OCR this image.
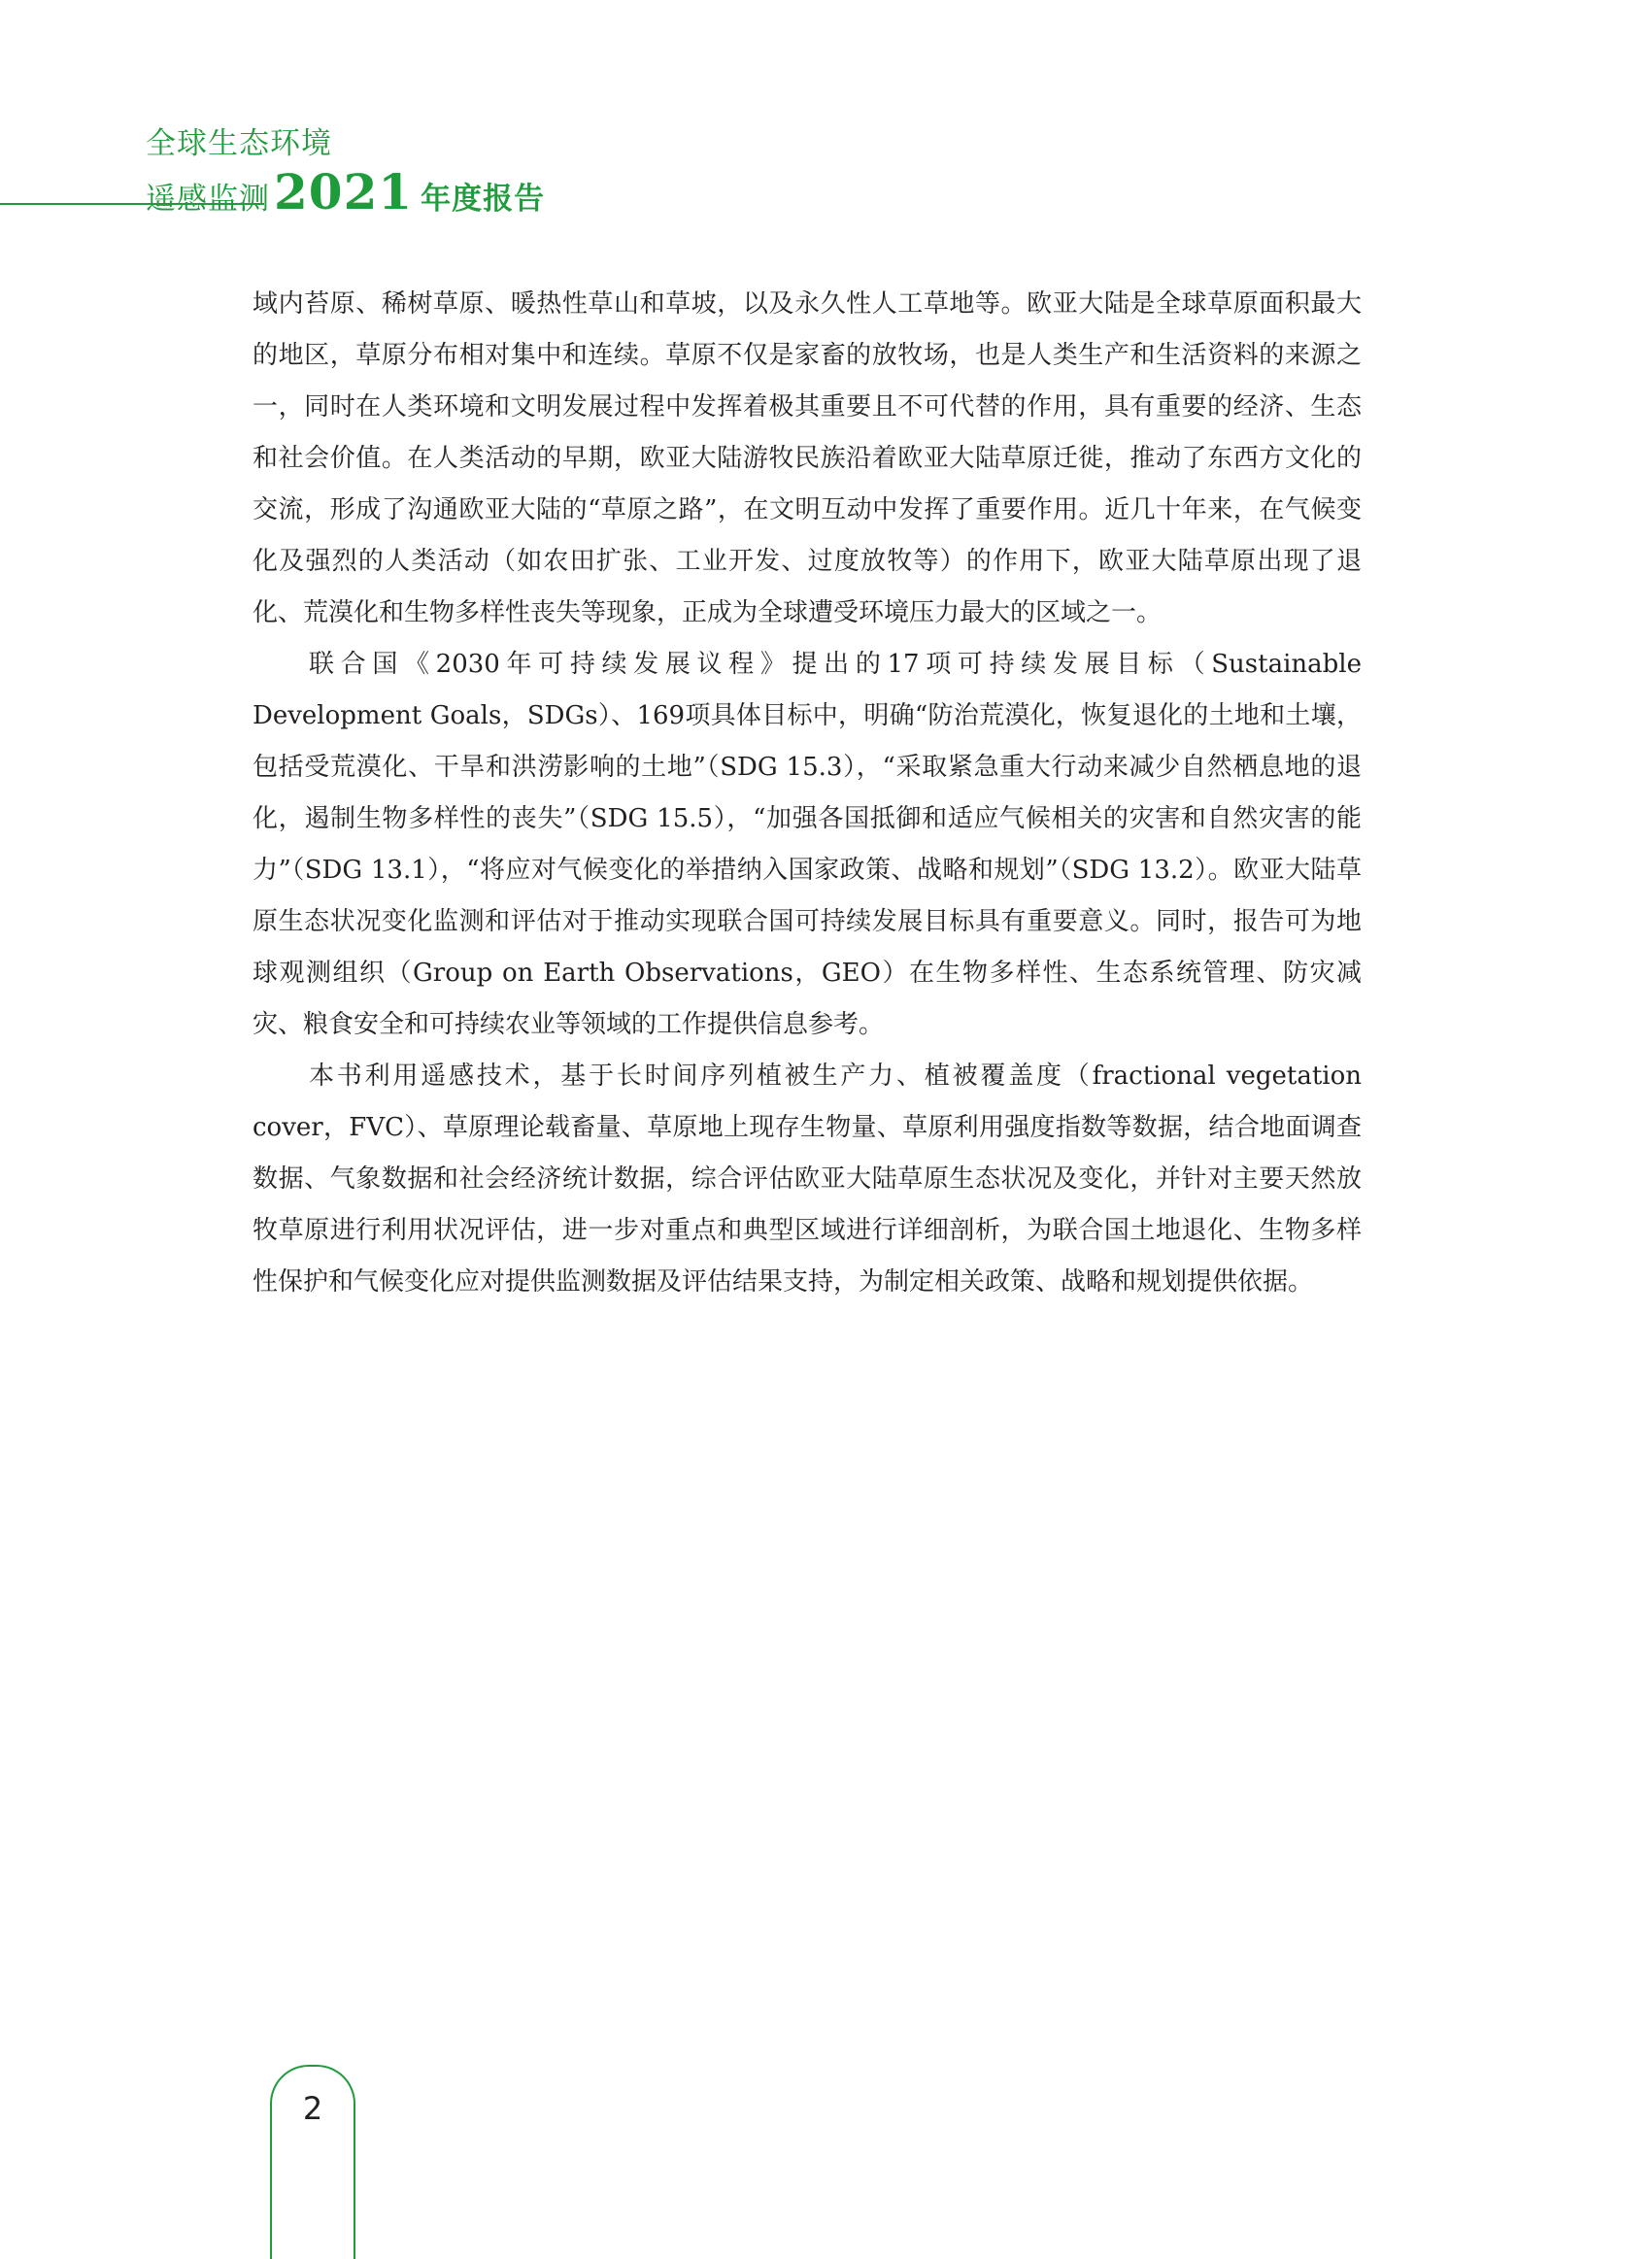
全球生态环境
遥感监测2021 年度报告

域内苔原、稀树草原、暖热性草山和草坡，以及永久性人工草地等。欧亚大陆是全球草原面积最大的地区，草原分布相对集中和连续。草原不仅是家畜的放牧场，也是人类生产和生活资料的来源之一，同时在人类环境和文明发展过程中发挥着极其重要且不可代替的作用，具有重要的经济、生态和社会价值。在人类活动的早期，欧亚大陆游牧民族沿着欧亚大陆草原迁徙，推动了东西方文化的交流，形成了沟通欧亚大陆的“草原之路”，在文明互动中发挥了重要作用。近几十年来，在气候变化及强烈的人类活动（如农田扩张、工业开发、过度放牧等）的作用下，欧亚大陆草原出现了退化、荒漠化和生物多样性丧失等现象，正成为全球遭受环境压力最大的区域之一。

联合国《2030年可持续发展议程》提出的17项可持续发展目标（Sustainable Development Goals，SDGs）、169项具体目标中，明确“防治荒漠化，恢复退化的土地和土壤，包括受荒漠化、干旱和洪涝影响的土地”（SDG 15.3），“采取紧急重大行动来减少自然栖息地的退化，遏制生物多样性的丧失”（SDG 15.5），“加强各国抵御和适应气候相关的灾害和自然灾害的能力”（SDG 13.1），“将应对气候变化的举措纳入国家政策、战略和规划”（SDG 13.2）。欧亚大陆草原生态状况变化监测和评估对于推动实现联合国可持续发展目标具有重要意义。同时，报告可为地球观测组织（Group on Earth Observations，GEO）在生物多样性、生态系统管理、防灾减灾、粮食安全和可持续农业等领域的工作提供信息参考。

本书利用遥感技术，基于长时间序列植被生产力、植被覆盖度（fractional vegetation cover，FVC）、草原理论载畜量、草原地上现存生物量、草原利用强度指数等数据，结合地面调查数据、气象数据和社会经济统计数据，综合评估欧亚大陆草原生态状况及变化，并针对主要天然放牧草原进行利用状况评估，进一步对重点和典型区域进行详细剖析，为联合国土地退化、生物多样性保护和气候变化应对提供监测数据及评估结果支持，为制定相关政策、战略和规划提供依据。

2
